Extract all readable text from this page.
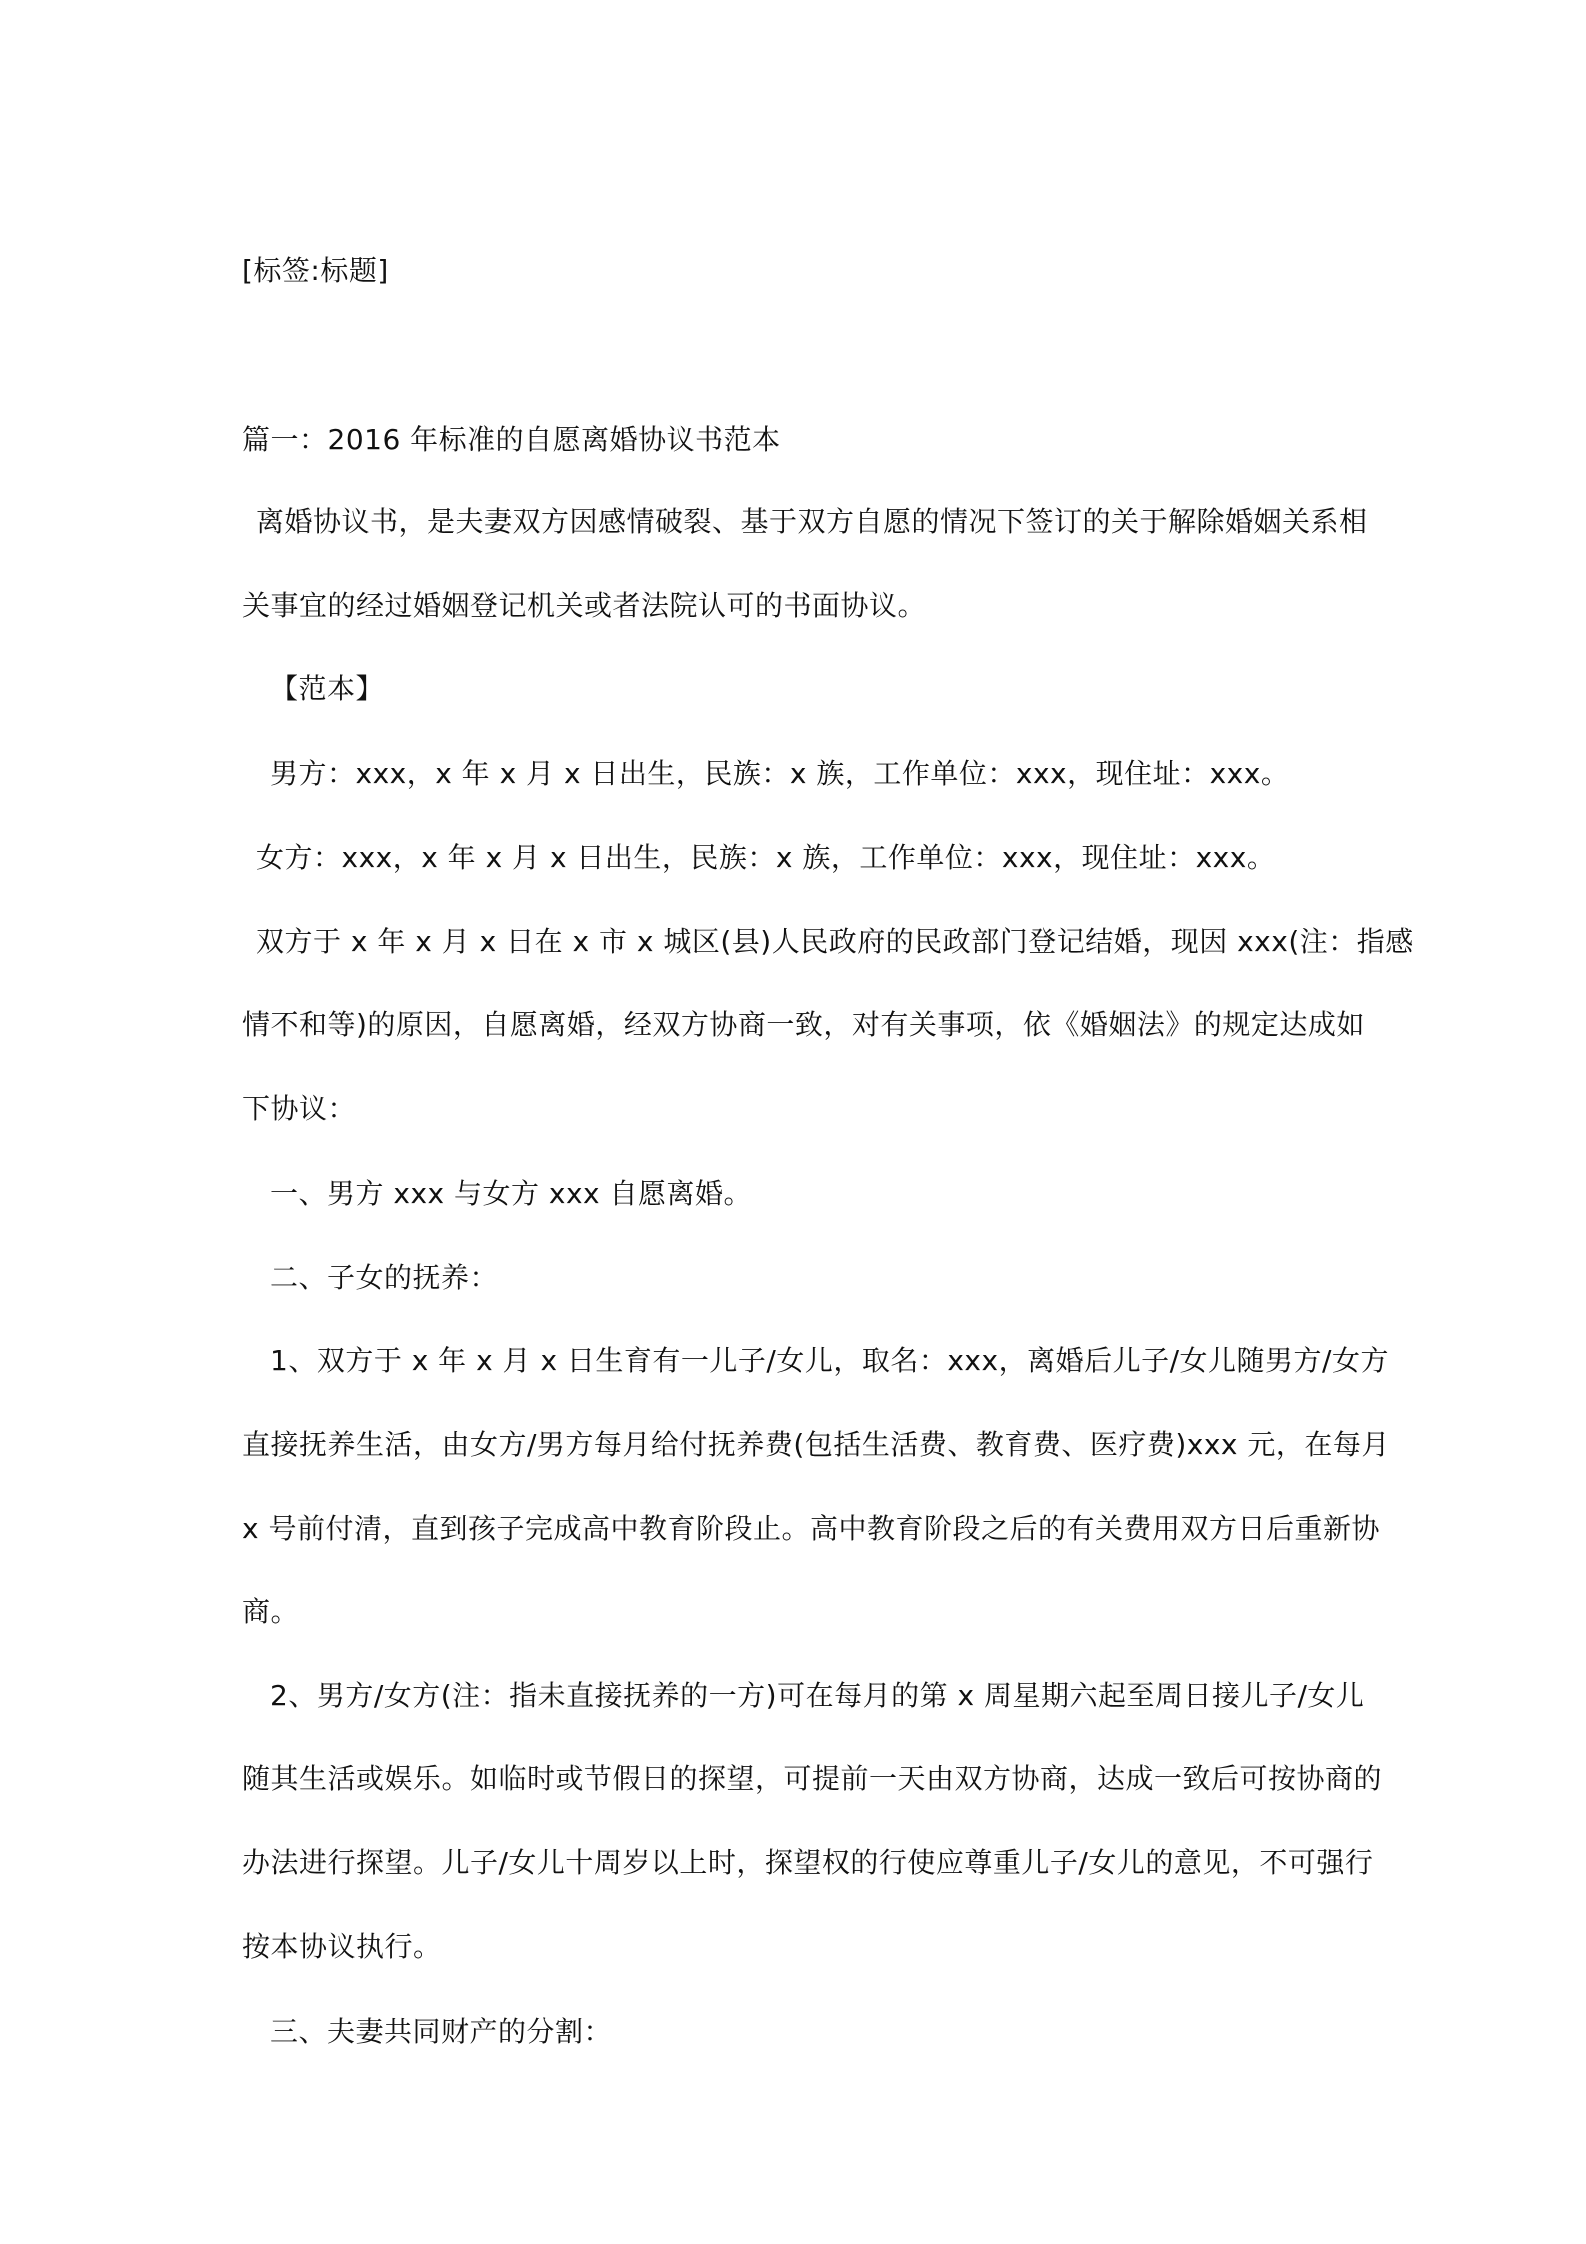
[标签:标题]
篇一：2016 年标准的自愿离婚协议书范本
离婚协议书，是夫妻双方因感情破裂、基于双方自愿的情况下签订的关于解除婚姻关系相
关事宜的经过婚姻登记机关或者法院认可的书面协议。
【范本】
男方：xxx，x 年 x 月 x 日出生，民族：x 族，工作单位：xxx，现住址：xxx。
女方：xxx，x 年 x 月 x 日出生，民族：x 族，工作单位：xxx，现住址：xxx。
双方于 x 年 x 月 x 日在 x 市 x 城区(县)人民政府的民政部门登记结婚，现因 xxx(注：指感
情不和等)的原因，自愿离婚，经双方协商一致，对有关事项，依《婚姻法》的规定达成如
下协议：
一、男方 xxx 与女方 xxx 自愿离婚。
二、子女的抚养：
1、双方于 x 年 x 月 x 日生育有一儿子/女儿，取名：xxx，离婚后儿子/女儿随男方/女方
直接抚养生活，由女方/男方每月给付抚养费(包括生活费、教育费、医疗费)xxx 元，在每月
x 号前付清，直到孩子完成高中教育阶段止。高中教育阶段之后的有关费用双方日后重新协
商。
2、男方/女方(注：指未直接抚养的一方)可在每月的第 x 周星期六起至周日接儿子/女儿
随其生活或娱乐。如临时或节假日的探望，可提前一天由双方协商，达成一致后可按协商的
办法进行探望。儿子/女儿十周岁以上时，探望权的行使应尊重儿子/女儿的意见，不可强行
按本协议执行。
三、夫妻共同财产的分割：
